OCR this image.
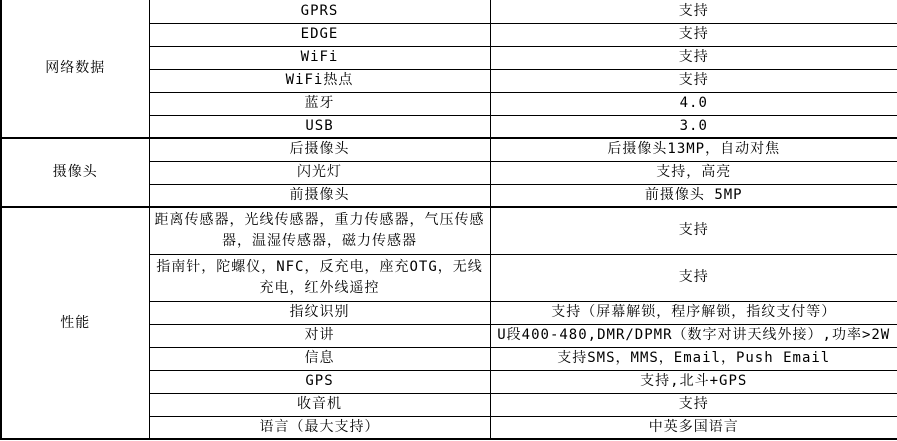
网络数据	GPRS	支持
	EDGE	支持
	WiFi	支持
	WiFi热点	支持
	蓝牙	4.0
	USB	3.0
摄像头	后摄像头	后摄像头13MP，自动对焦
	闪光灯	支持，高亮
	前摄像头	前摄像头 5MP
性能	距离传感器，光线传感器，重力传感器，气压传感器，温湿传感器，磁力传感器	支持
	指南针，陀螺仪，NFC，反充电，座充OTG，无线充电，红外线遥控	支持
	指纹识别	支持（屏幕解锁，程序解锁，指纹支付等）
	对讲	U段400-480,DMR/DPMR（数字对讲天线外接）,功率>2W
	信息	支持SMS，MMS，Email，Push Email
	GPS	支持,北斗+GPS
	收音机	支持
	语言（最大支持）	中英多国语言
